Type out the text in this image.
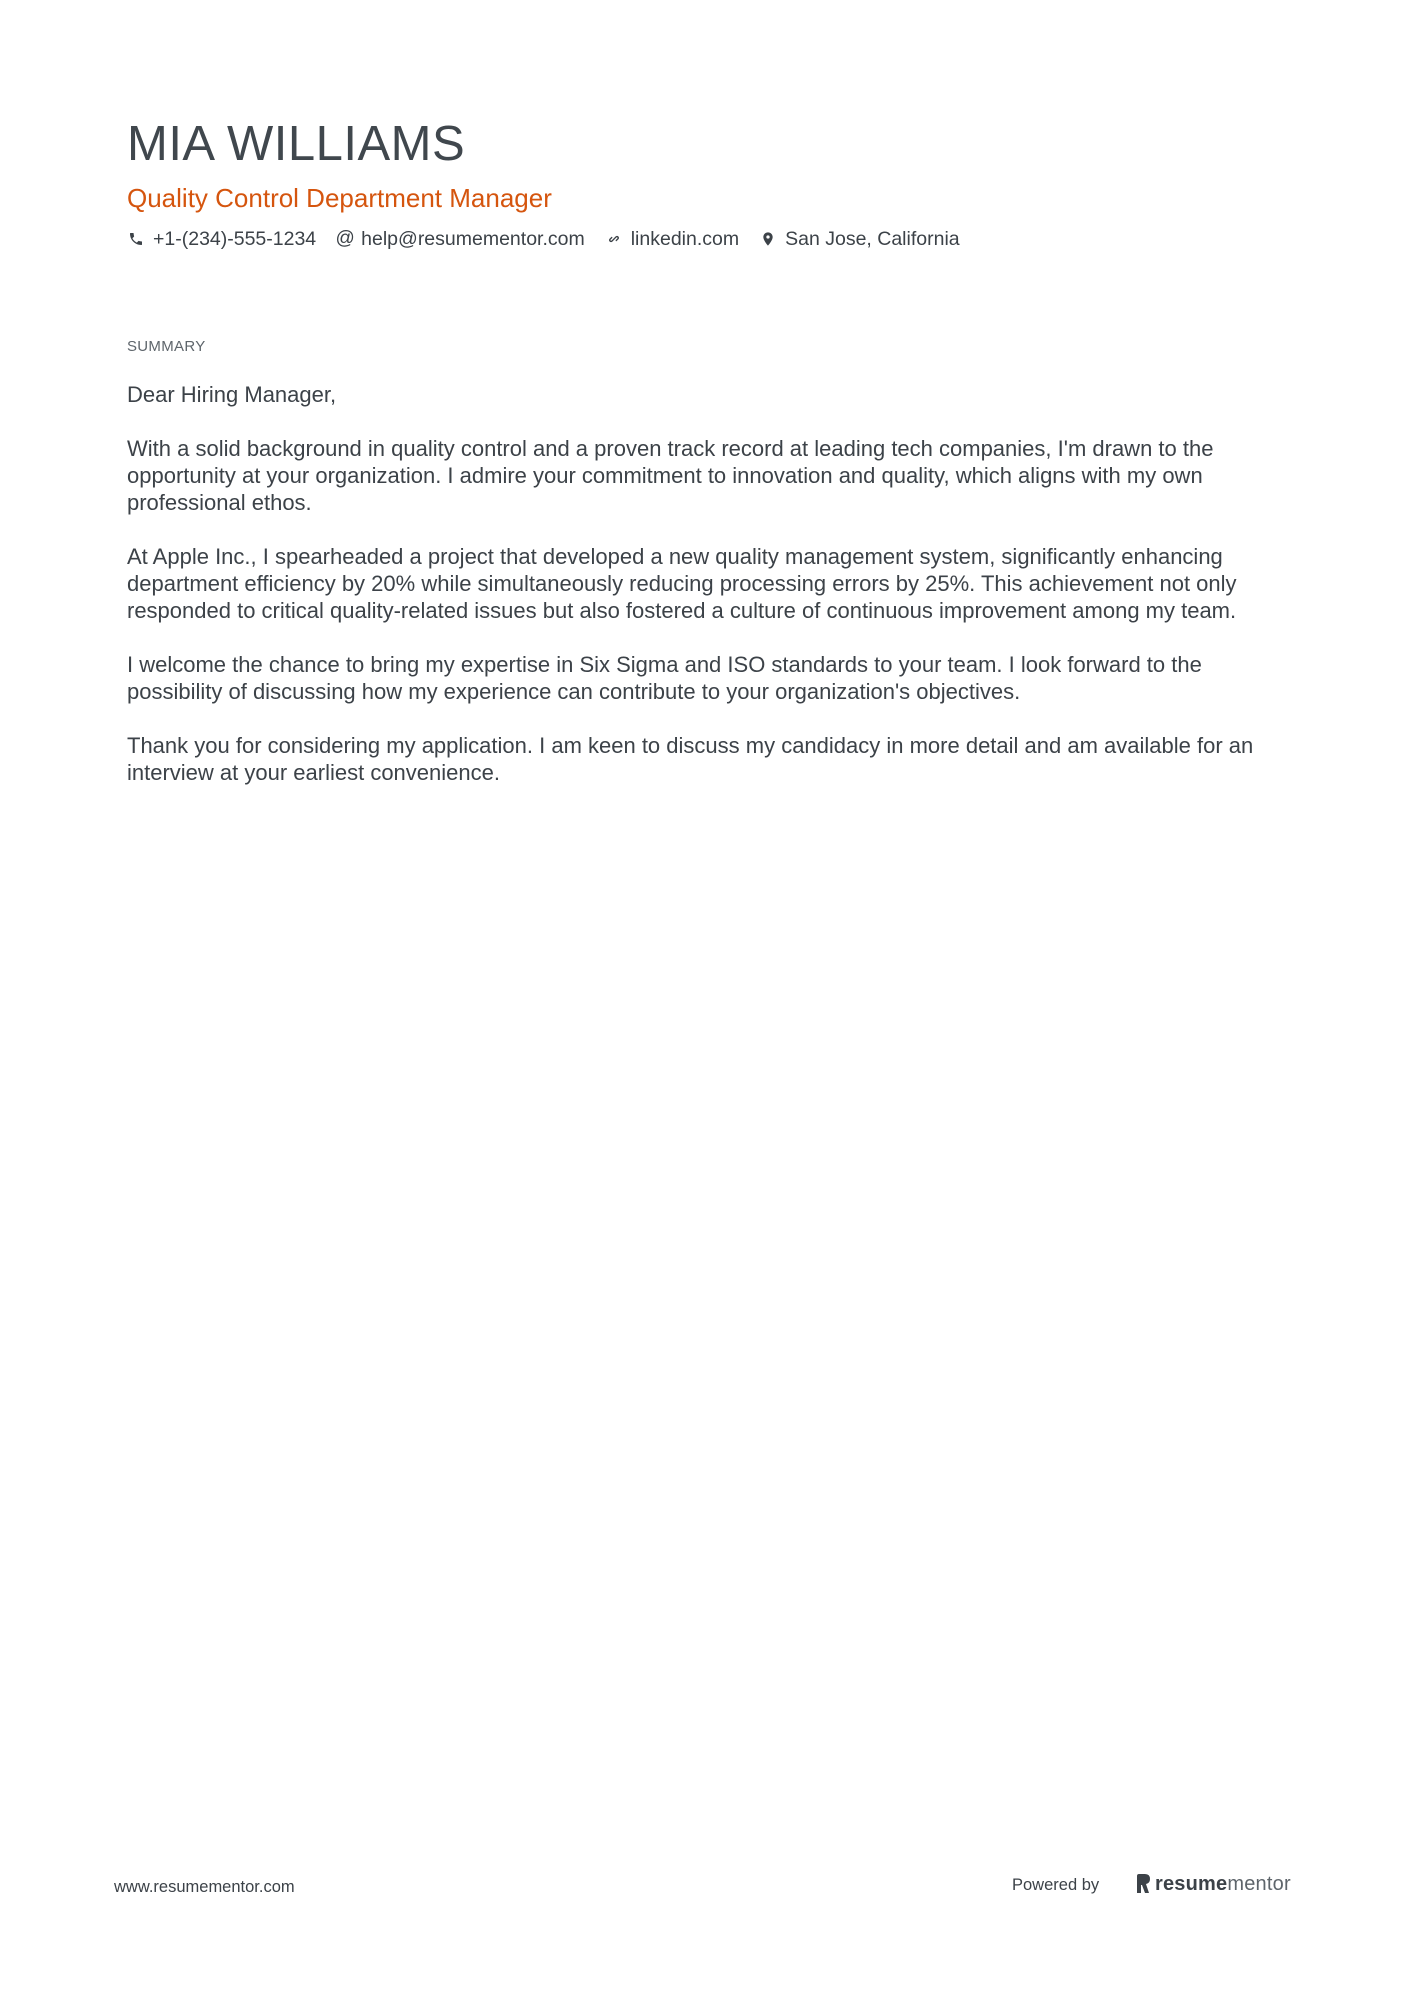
MIA WILLIAMS
Quality Control Department Manager
+1-(234)-555-1234 @ help@resumementor.com linkedin.com San Jose, California
SUMMARY

Dear Hiring Manager,

With a solid background in quality control and a proven track record at leading tech companies, I'm drawn to the opportunity at your organization. I admire your commitment to innovation and quality, which aligns with my own professional ethos.

At Apple Inc., I spearheaded a project that developed a new quality management system, significantly enhancing department efficiency by 20% while simultaneously reducing processing errors by 25%. This achievement not only responded to critical quality-related issues but also fostered a culture of continuous improvement among my team.

I welcome the chance to bring my expertise in Six Sigma and ISO standards to your team. I look forward to the possibility of discussing how my experience can contribute to your organization's objectives.

Thank you for considering my application. I am keen to discuss my candidacy in more detail and am available for an interview at your earliest convenience.

www.resumementor.com	Powered by	resumementor
